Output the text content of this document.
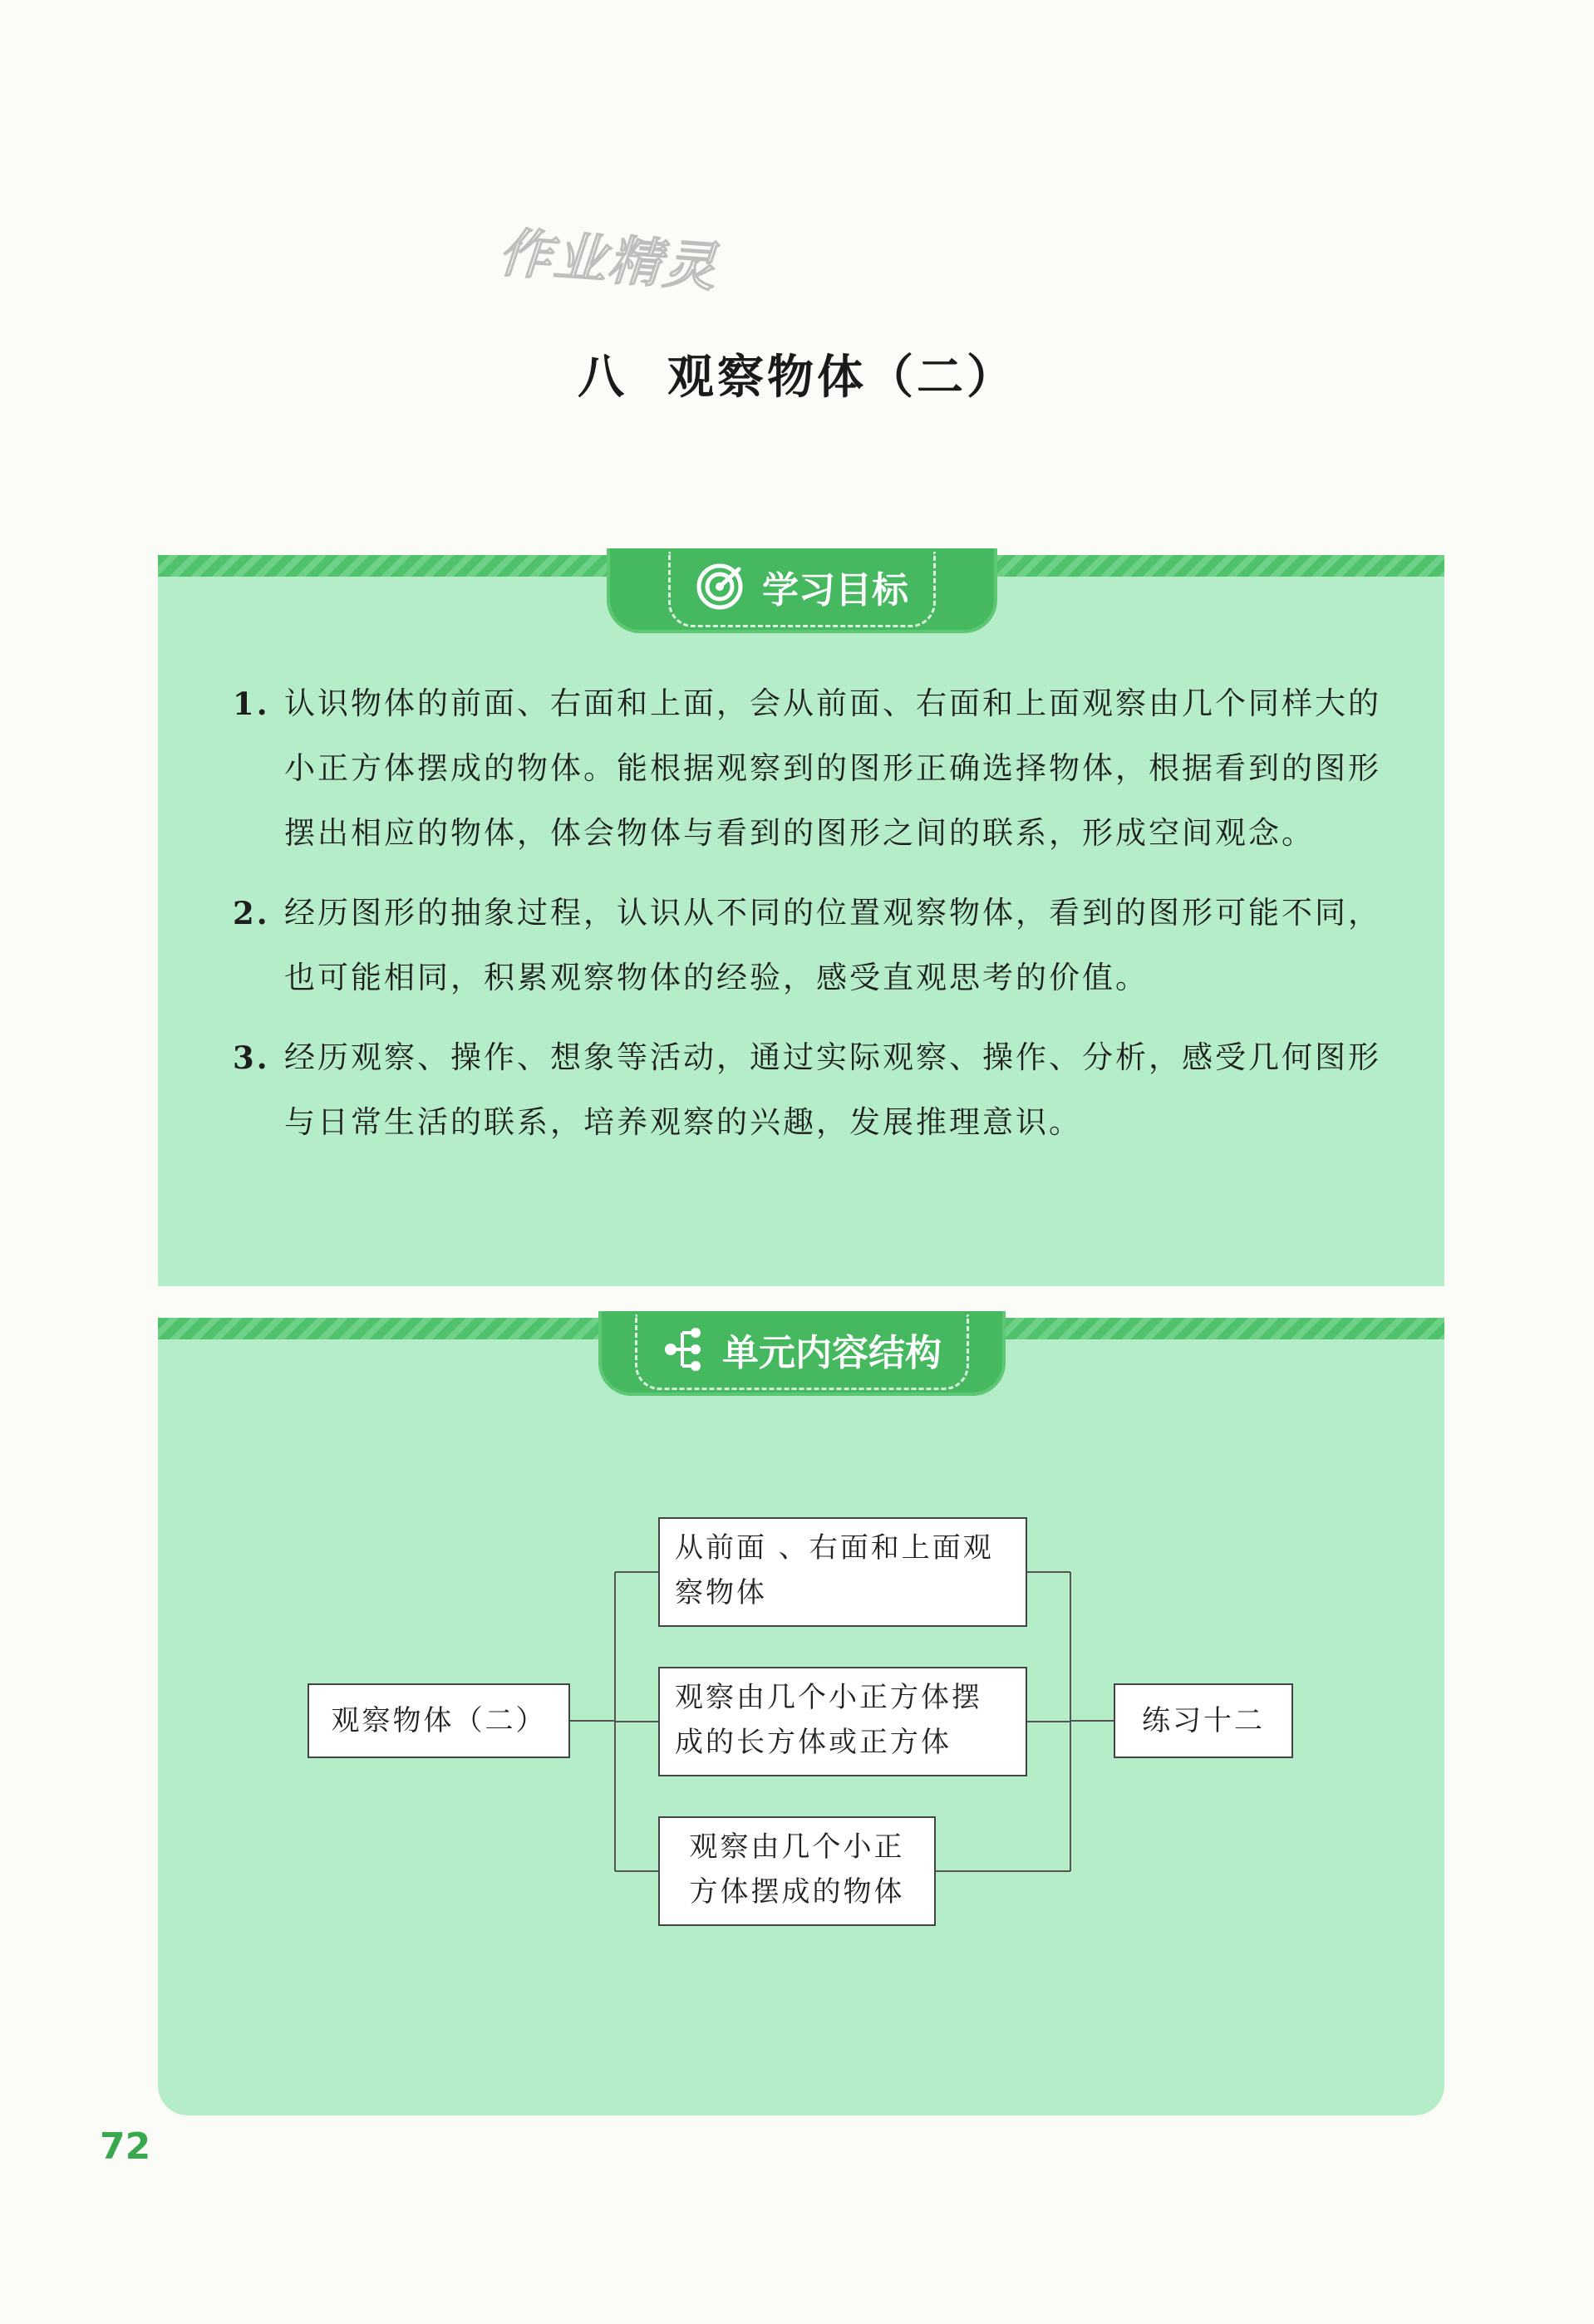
作业精灵
八 观察物体（二）
学习目标
1. 认识物体的前面、右面和上面，会从前面、右面和上面观察由几个同样大的小正方体摆成的物体。能根据观察到的图形正确选择物体，根据看到的图形摆出相应的物体，体会物体与看到的图形之间的联系，形成空间观念。
2. 经历图形的抽象过程，认识从不同的位置观察物体，看到的图形可能不同，也可能相同，积累观察物体的经验，感受直观思考的价值。
3. 经历观察、操作、想象等活动，通过实际观察、操作、分析，感受几何图形与日常生活的联系，培养观察的兴趣，发展推理意识。
单元内容结构
观察物体（二）
从前面 、右面和上面观
察物体
观察由几个小正方体摆
成的长方体或正方体
观察由几个小正
方体摆成的物体
练习十二
72
